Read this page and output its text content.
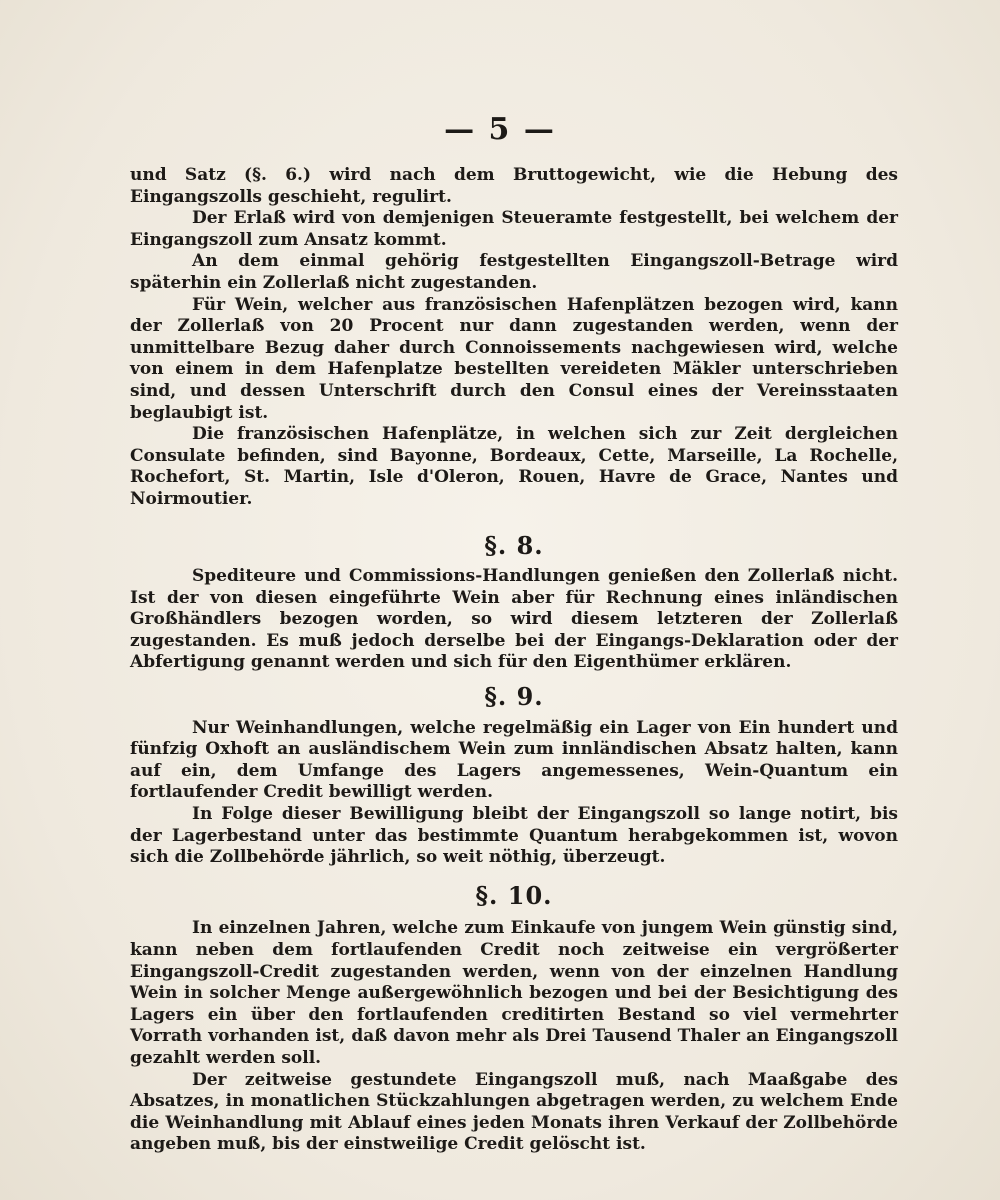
— 5 —

und Satz (§. 6.) wird nach dem Bruttogewicht, wie die Hebung des Eingangszolls geschieht, regulirt.

Der Erlaß wird von demjenigen Steueramte festgestellt, bei welchem der Eingangszoll zum Ansatz kommt.

An dem einmal gehörig festgestellten Eingangszoll-Betrage wird späterhin ein Zollerlaß nicht zugestanden.

Für Wein, welcher aus französischen Hafenplätzen bezogen wird, kann der Zollerlaß von 20 Procent nur dann zugestanden werden, wenn der unmittelbare Bezug daher durch Connoissements nachgewiesen wird, welche von einem in dem Hafenplatze bestellten vereideten Mäkler unterschrieben sind, und dessen Unterschrift durch den Consul eines der Vereinsstaaten beglaubigt ist.

Die französischen Hafenplätze, in welchen sich zur Zeit dergleichen Consulate befinden, sind Bayonne, Bordeaux, Cette, Marseille, La Rochelle, Rochefort, St. Martin, Isle d'Oleron, Rouen, Havre de Grace, Nantes und Noirmoutier.

§. 8.

Spediteure und Commissions-Handlungen genießen den Zollerlaß nicht. Ist der von diesen eingeführte Wein aber für Rechnung eines inländischen Großhändlers bezogen worden, so wird diesem letzteren der Zollerlaß zugestanden. Es muß jedoch derselbe bei der Eingangs-Deklaration oder der Abfertigung genannt werden und sich für den Eigenthümer erklären.

§. 9.

Nur Weinhandlungen, welche regelmäßig ein Lager von Ein hundert und fünfzig Oxhoft an ausländischem Wein zum innländischen Absatz halten, kann auf ein, dem Umfange des Lagers angemessenes, Wein-Quantum ein fortlaufender Credit bewilligt werden.

In Folge dieser Bewilligung bleibt der Eingangszoll so lange notirt, bis der Lagerbestand unter das bestimmte Quantum herabgekommen ist, wovon sich die Zollbehörde jährlich, so weit nöthig, überzeugt.

§. 10.

In einzelnen Jahren, welche zum Einkaufe von jungem Wein günstig sind, kann neben dem fortlaufenden Credit noch zeitweise ein vergrößerter Eingangszoll-Credit zugestanden werden, wenn von der einzelnen Handlung Wein in solcher Menge außergewöhnlich bezogen und bei der Besichtigung des Lagers ein über den fortlaufenden creditirten Bestand so viel vermehrter Vorrath vorhanden ist, daß davon mehr als Drei Tausend Thaler an Eingangszoll gezahlt werden soll.

Der zeitweise gestundete Eingangszoll muß, nach Maaßgabe des Absatzes, in monatlichen Stückzahlungen abgetragen werden, zu welchem Ende die Weinhandlung mit Ablauf eines jeden Monats ihren Verkauf der Zollbehörde angeben muß, bis der einstweilige Credit gelöscht ist.
